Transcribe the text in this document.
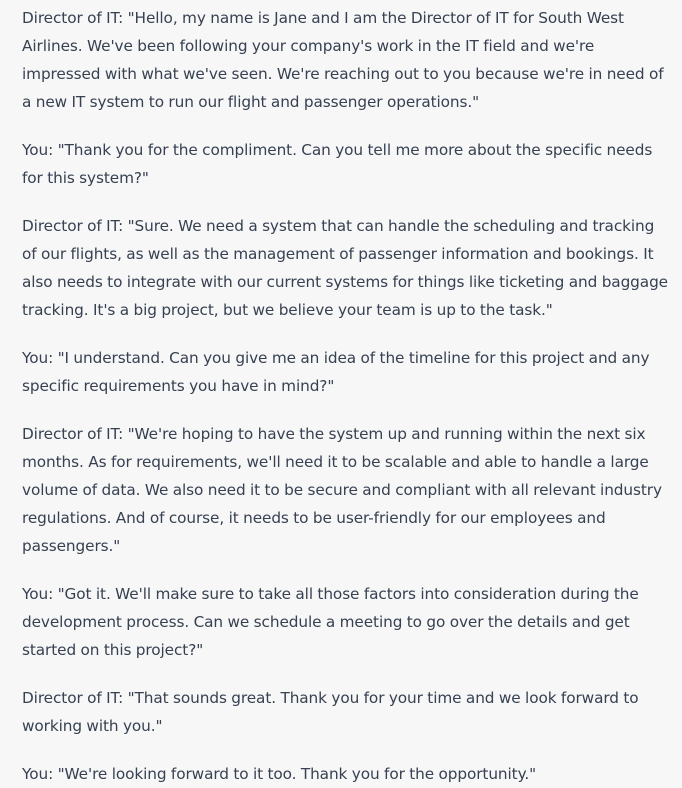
Director of IT: "Hello, my name is Jane and I am the Director of IT for South West Airlines. We've been following your company's work in the IT field and we're impressed with what we've seen. We're reaching out to you because we're in need of a new IT system to run our flight and passenger operations."

You: "Thank you for the compliment. Can you tell me more about the specific needs for this system?"

Director of IT: "Sure. We need a system that can handle the scheduling and tracking of our flights, as well as the management of passenger information and bookings. It also needs to integrate with our current systems for things like ticketing and baggage tracking. It's a big project, but we believe your team is up to the task."

You: "I understand. Can you give me an idea of the timeline for this project and any specific requirements you have in mind?"

Director of IT: "We're hoping to have the system up and running within the next six months. As for requirements, we'll need it to be scalable and able to handle a large volume of data. We also need it to be secure and compliant with all relevant industry regulations. And of course, it needs to be user-friendly for our employees and passengers."

You: "Got it. We'll make sure to take all those factors into consideration during the development process. Can we schedule a meeting to go over the details and get started on this project?"

Director of IT: "That sounds great. Thank you for your time and we look forward to working with you."

You: "We're looking forward to it too. Thank you for the opportunity."
